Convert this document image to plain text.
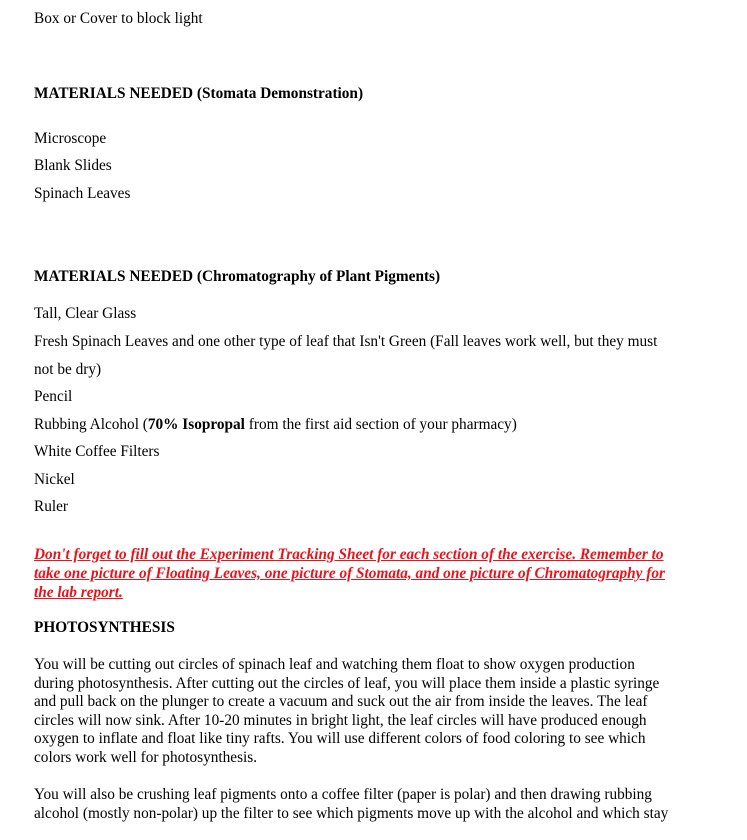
Box or Cover to block light
MATERIALS NEEDED (Stomata Demonstration)
Microscope
Blank Slides
Spinach Leaves
MATERIALS NEEDED (Chromatography of Plant Pigments)
Tall, Clear Glass
Fresh Spinach Leaves and one other type of leaf that Isn't Green (Fall leaves work well, but they must
not be dry)
Pencil
Rubbing Alcohol (70% Isopropal from the first aid section of your pharmacy)
White Coffee Filters
Nickel
Ruler
Don't forget to fill out the Experiment Tracking Sheet for each section of the exercise. Remember to
take one picture of Floating Leaves, one picture of Stomata, and one picture of Chromatography for
the lab report.
PHOTOSYNTHESIS
You will be cutting out circles of spinach leaf and watching them float to show oxygen production
during photosynthesis. After cutting out the circles of leaf, you will place them inside a plastic syringe
and pull back on the plunger to create a vacuum and suck out the air from inside the leaves. The leaf
circles will now sink. After 10-20 minutes in bright light, the leaf circles will have produced enough
oxygen to inflate and float like tiny rafts. You will use different colors of food coloring to see which
colors work well for photosynthesis.
You will also be crushing leaf pigments onto a coffee filter (paper is polar) and then drawing rubbing
alcohol (mostly non-polar) up the filter to see which pigments move up with the alcohol and which stay
